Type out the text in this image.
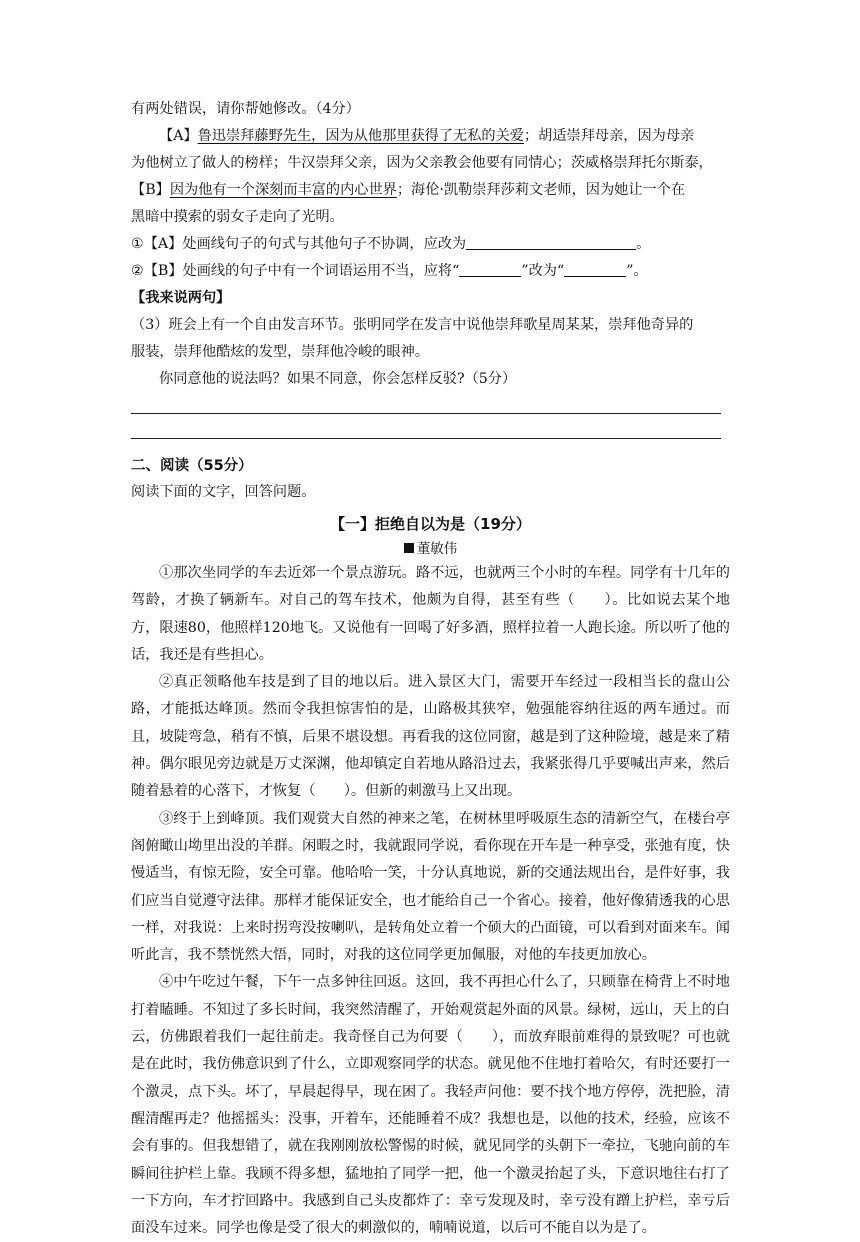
有两处错误，请你帮她修改。（4分）

【A】鲁迅崇拜藤野先生，因为从他那里获得了无私的关爱；胡适崇拜母亲，因为母亲

为他树立了做人的榜样；牛汉崇拜父亲，因为父亲教会他要有同情心；茨威格崇拜托尔斯泰，

【B】因为他有一个深刻而丰富的内心世界；海伦·凯勒崇拜莎莉文老师，因为她让一个在

黑暗中摸索的弱女子走向了光明。

①【A】处画线句子的句式与其他句子不协调，应改为	。

②【B】处画线的句子中有一个词语运用不当，应将“	”改为“	”。

【我来说两句】

（3）班会上有一个自由发言环节。张明同学在发言中说他崇拜歌星周某某，崇拜他奇异的

服装，崇拜他酷炫的发型，崇拜他冷峻的眼神。

你同意他的说法吗？如果不同意，你会怎样反驳?（5分）

二、阅读（55分）

阅读下面的文字，回答问题。

【一】拒绝自以为是（19分）

董敏伟

①那次坐同学的车去近郊一个景点游玩。路不远，也就两三个小时的车程。同学有十几年的驾龄，才换了辆新车。对自己的驾车技术，他颇为自得，甚至有些（　　）。比如说去某个地方，限速80，他照样120地飞。又说他有一回喝了好多酒，照样拉着一人跑长途。所以听了他的话，我还是有些担心。

②真正领略他车技是到了目的地以后。进入景区大门，需要开车经过一段相当长的盘山公路，才能抵达峰顶。然而令我担惊害怕的是，山路极其狭窄，勉强能容纳往返的两车通过。而且，坡陡弯急，稍有不慎，后果不堪设想。再看我的这位同窗，越是到了这种险境，越是来了精神。偶尔眼见旁边就是万丈深渊，他却镇定自若地从路沿过去，我紧张得几乎要喊出声来，然后随着悬着的心落下，才恢复（　　）。但新的刺激马上又出现。

③终于上到峰顶。我们观赏大自然的神来之笔，在树林里呼吸原生态的清新空气，在楼台亭阁俯瞰山坳里出没的羊群。闲暇之时，我就跟同学说，看你现在开车是一种享受，张弛有度，快慢适当，有惊无险，安全可靠。他哈哈一笑，十分认真地说，新的交通法规出台，是件好事，我们应当自觉遵守法律。那样才能保证安全，也才能给自己一个省心。接着，他好像猜透我的心思一样，对我说：上来时拐弯没按喇叭，是转角处立着一个硕大的凸面镜，可以看到对面来车。闻听此言，我不禁恍然大悟，同时，对我的这位同学更加佩服，对他的车技更加放心。

④中午吃过午餐，下午一点多钟往回返。这回，我不再担心什么了，只顾靠在椅背上不时地打着瞌睡。不知过了多长时间，我突然清醒了，开始观赏起外面的风景。绿树，远山，天上的白云，仿佛跟着我们一起往前走。我奇怪自己为何要（　　），而放弃眼前难得的景致呢？可也就是在此时，我仿佛意识到了什么，立即观察同学的状态。就见他不住地打着哈欠，有时还要打一个激灵，点下头。坏了，早晨起得早，现在困了。我轻声问他：要不找个地方停停，洗把脸，清醒清醒再走？他摇摇头：没事，开着车，还能睡着不成？我想也是，以他的技术，经验，应该不会有事的。但我想错了，就在我刚刚放松警惕的时候，就见同学的头朝下一牵拉，飞驰向前的车瞬间往护栏上靠。我顾不得多想，猛地拍了同学一把，他一个激灵抬起了头，下意识地往右打了一下方向，车才拧回路中。我感到自己头皮都炸了：幸亏发现及时，幸亏没有蹭上护栏，幸亏后面没车过来。同学也像是受了很大的刺激似的，喃喃说道，以后可不能自以为是了。
